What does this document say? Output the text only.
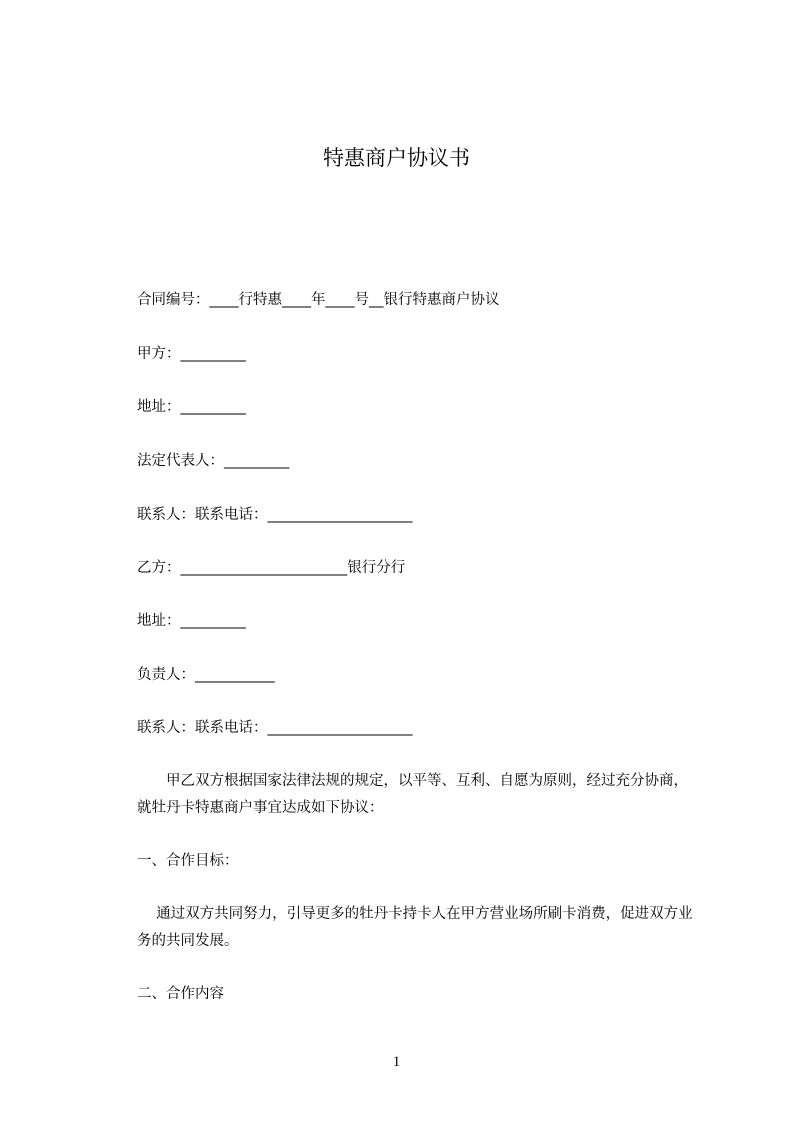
特惠商户协议书
合同编号：____行特惠____年____号__银行特惠商户协议
甲方：_________
地址：_________
法定代表人：_________
联系人：联系电话：____________________
乙方：_______________________银行分行
地址：_________
负责人：___________
联系人：联系电话：____________________
　　甲乙双方根据国家法律法规的规定，以平等、互利、自愿为原则，经过充分协商，就牡丹卡特惠商户事宜达成如下协议：
一、合作目标：
　 通过双方共同努力，引导更多的牡丹卡持卡人在甲方营业场所刷卡消费，促进双方业务的共同发展。
二、合作内容
1
